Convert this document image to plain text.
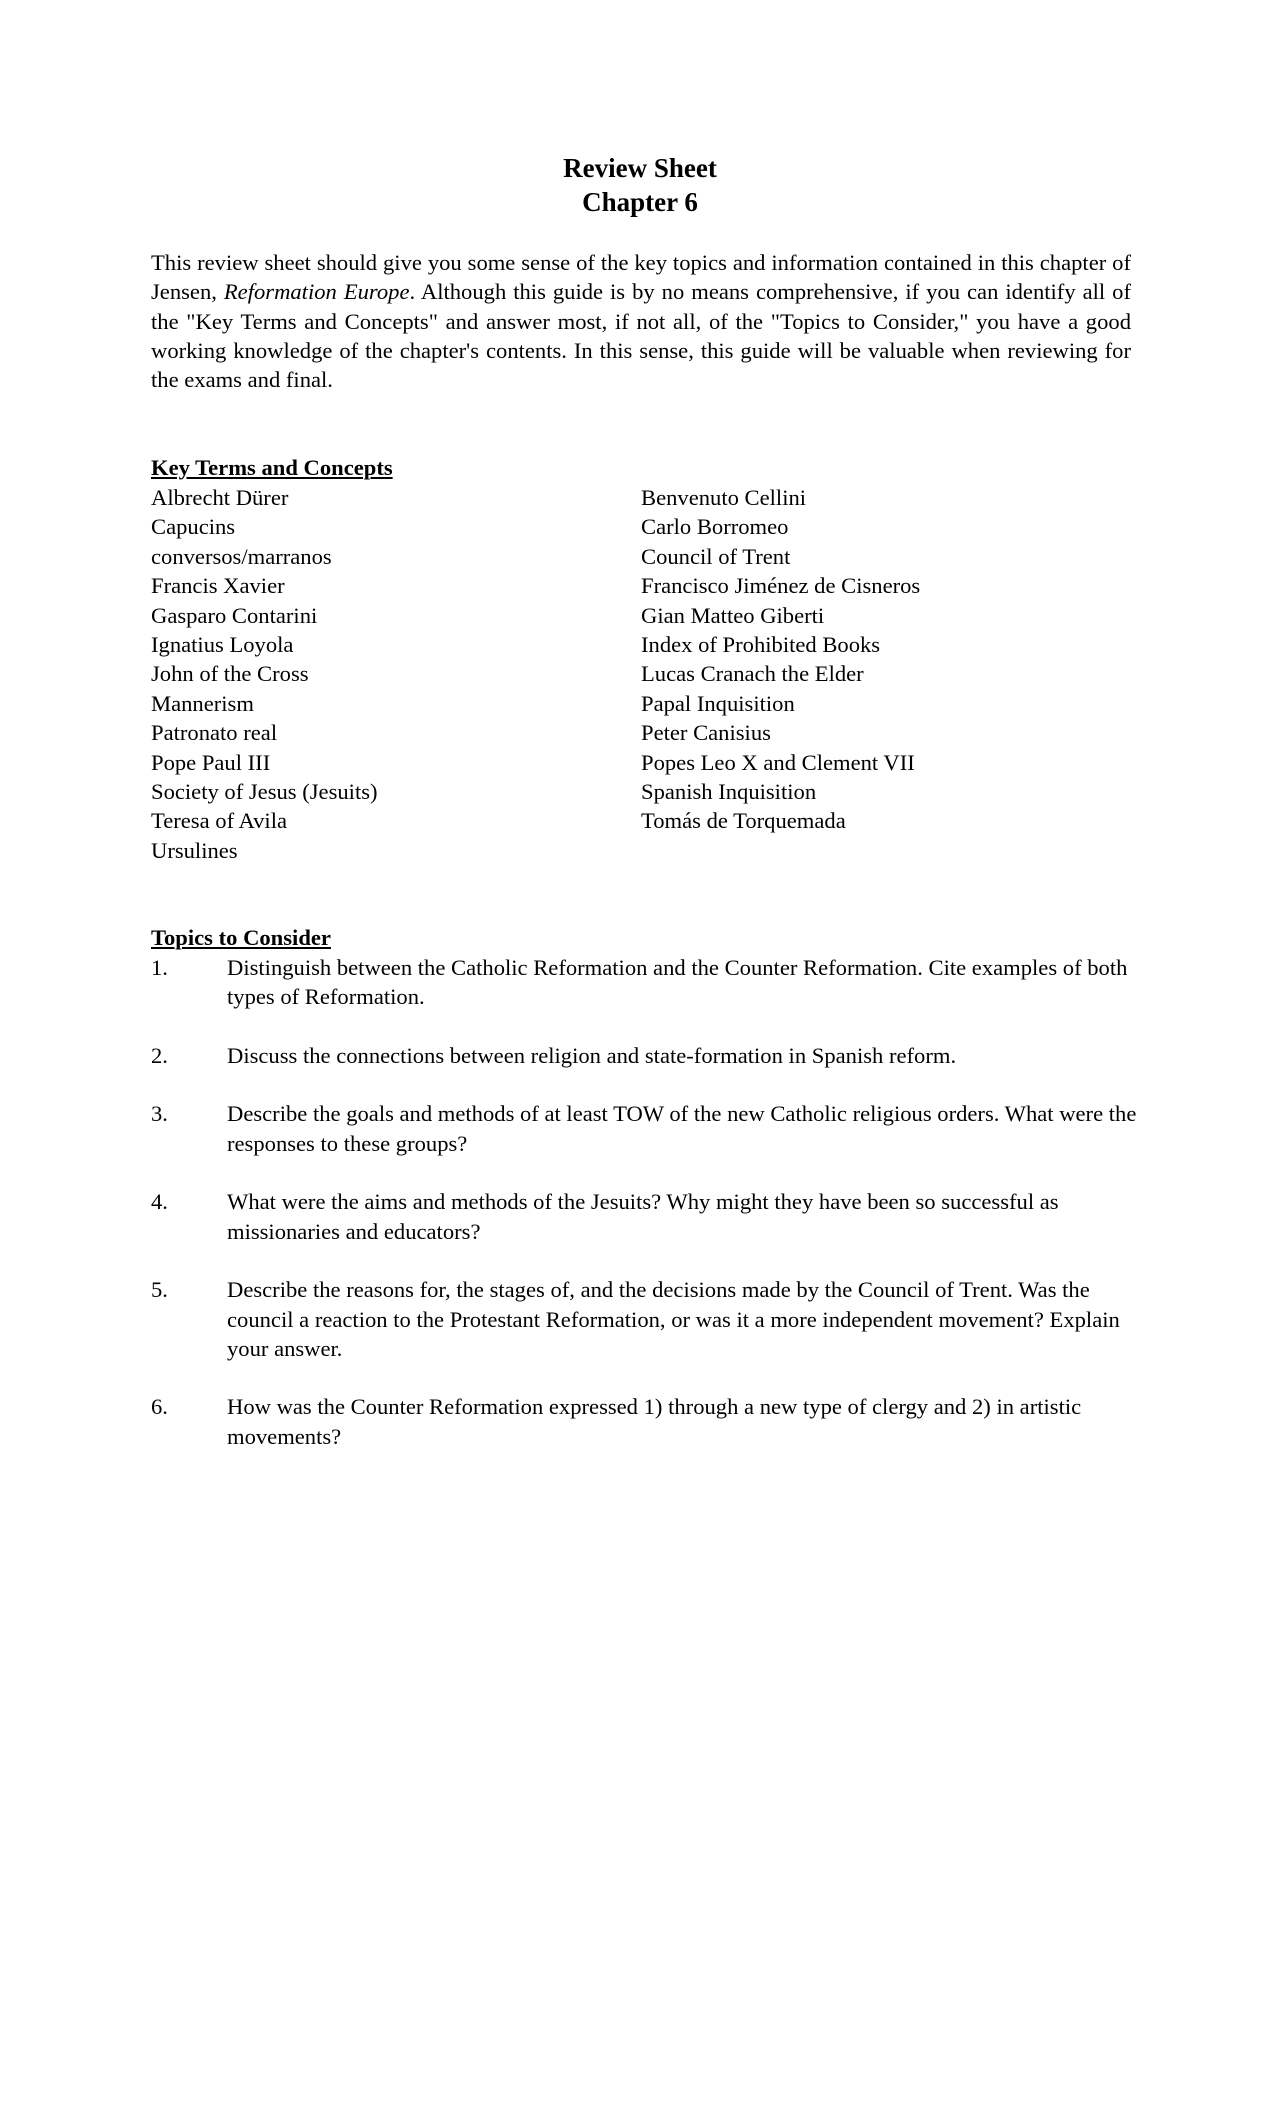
Review Sheet
Chapter 6

This review sheet should give you some sense of the key topics and information contained in this chapter of Jensen, Reformation Europe. Although this guide is by no means comprehensive, if you can identify all of the "Key Terms and Concepts" and answer most, if not all, of the "Topics to Consider," you have a good working knowledge of the chapter's contents. In this sense, this guide will be valuable when reviewing for the exams and final.

Key Terms and Concepts
Albrecht Dürer
Capucins
conversos/marranos
Francis Xavier
Gasparo Contarini
Ignatius Loyola
John of the Cross
Mannerism
Patronato real
Pope Paul III
Society of Jesus (Jesuits)
Teresa of Avila
Ursulines
Benvenuto Cellini
Carlo Borromeo
Council of Trent
Francisco Jiménez de Cisneros
Gian Matteo Giberti
Index of Prohibited Books
Lucas Cranach the Elder
Papal Inquisition
Peter Canisius
Popes Leo X and Clement VII
Spanish Inquisition
Tomás de Torquemada
Topics to Consider
1.	Distinguish between the Catholic Reformation and the Counter Reformation. Cite examples of both types of Reformation.
2.	Discuss the connections between religion and state-formation in Spanish reform.
3.	Describe the goals and methods of at least TOW of the new Catholic religious orders. What were the responses to these groups?
4.	What were the aims and methods of the Jesuits? Why might they have been so successful as missionaries and educators?
5.	Describe the reasons for, the stages of, and the decisions made by the Council of Trent. Was the council a reaction to the Protestant Reformation, or was it a more independent movement? Explain your answer.
6.	How was the Counter Reformation expressed 1) through a new type of clergy and 2) in artistic movements?
